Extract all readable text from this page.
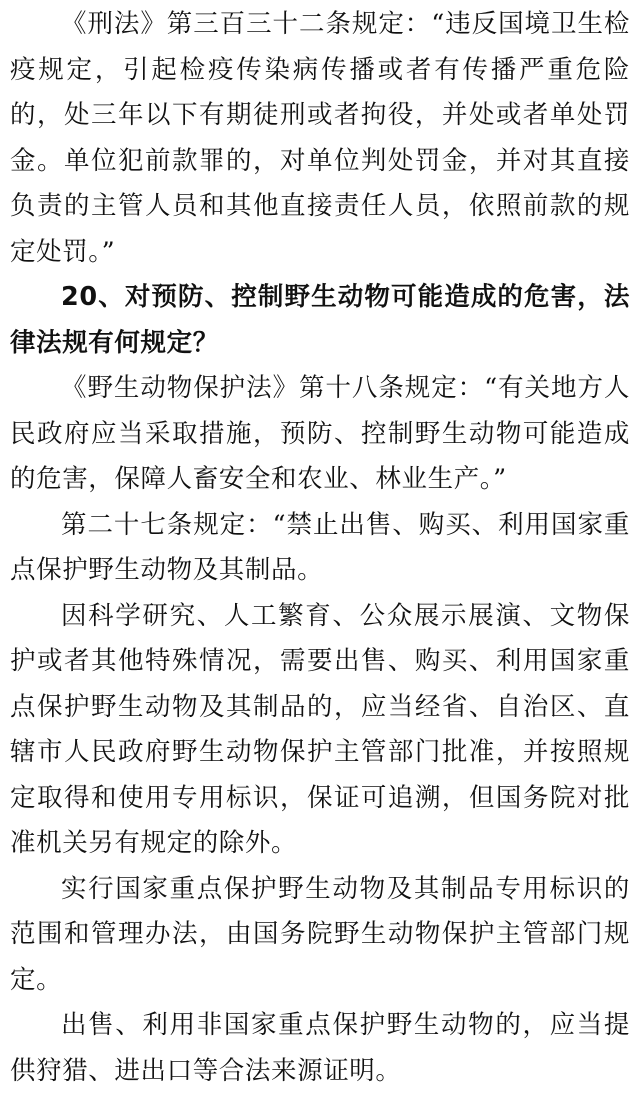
《刑法》第三百三十二条规定：“违反国境卫生检疫规定，引起检疫传染病传播或者有传播严重危险的，处三年以下有期徒刑或者拘役，并处或者单处罚金。单位犯前款罪的，对单位判处罚金，并对其直接负责的主管人员和其他直接责任人员，依照前款的规定处罚。”

20、对预防、控制野生动物可能造成的危害，法律法规有何规定？

《野生动物保护法》第十八条规定：“有关地方人民政府应当采取措施，预防、控制野生动物可能造成的危害，保障人畜安全和农业、林业生产。”

第二十七条规定：“禁止出售、购买、利用国家重点保护野生动物及其制品。

因科学研究、人工繁育、公众展示展演、文物保护或者其他特殊情况，需要出售、购买、利用国家重点保护野生动物及其制品的，应当经省、自治区、直辖市人民政府野生动物保护主管部门批准，并按照规定取得和使用专用标识，保证可追溯，但国务院对批准机关另有规定的除外。

实行国家重点保护野生动物及其制品专用标识的范围和管理办法，由国务院野生动物保护主管部门规定。

出售、利用非国家重点保护野生动物的，应当提供狩猎、进出口等合法来源证明。
